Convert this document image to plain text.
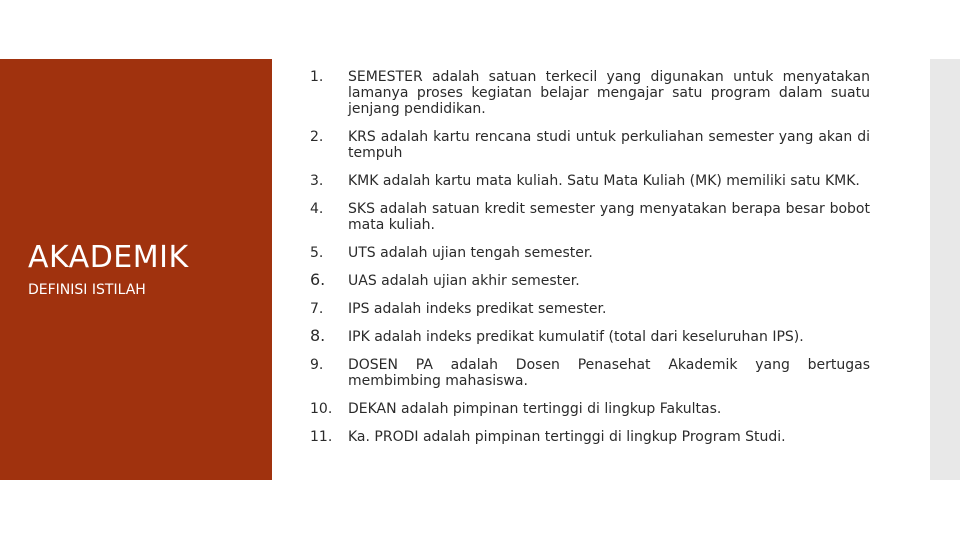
AKADEMIK
DEFINISI ISTILAH
1.	SEMESTER adalah satuan terkecil yang digunakan untuk menyatakan lamanya proses kegiatan belajar mengajar satu program dalam suatu jenjang pendidikan.
2.	KRS adalah kartu rencana studi untuk perkuliahan semester yang akan di tempuh
3.	KMK adalah kartu mata kuliah. Satu Mata Kuliah (MK) memiliki satu KMK.
4.	SKS adalah satuan kredit semester yang menyatakan berapa besar bobot mata kuliah.
5.	UTS adalah ujian tengah semester.
6.	UAS adalah ujian akhir semester.
7.	IPS adalah indeks predikat semester.
8.	IPK adalah indeks predikat kumulatif (total dari keseluruhan IPS).
9.	DOSEN PA adalah Dosen Penasehat Akademik yang bertugas membimbing mahasiswa.
10.	DEKAN adalah pimpinan tertinggi di lingkup Fakultas.
11.	Ka. PRODI adalah pimpinan tertinggi di lingkup Program Studi.
